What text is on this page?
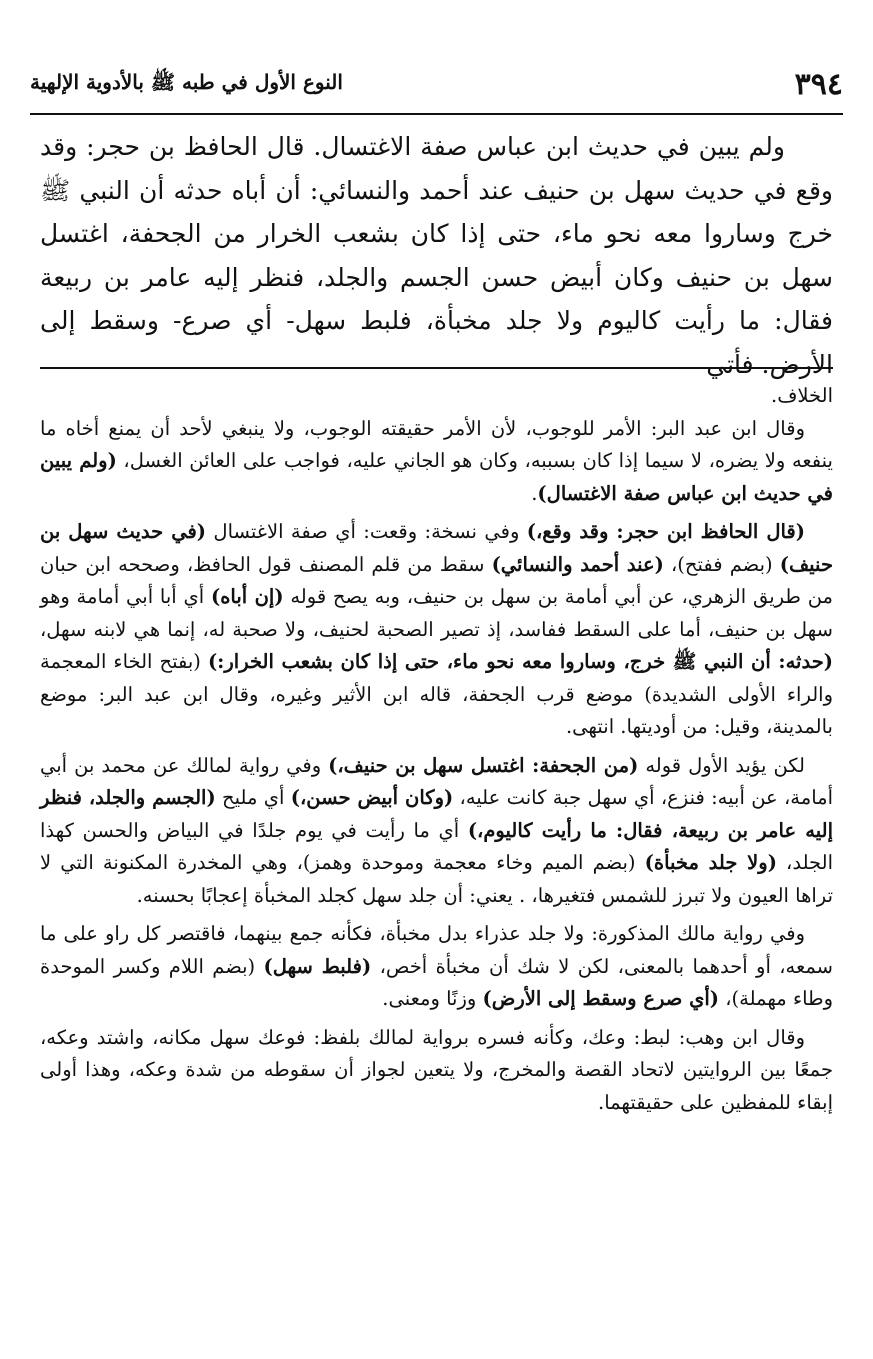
٣٩٤
النوع الأول في طبه ﷺ بالأدوية الإلهية

ولم يبين في حديث ابن عباس صفة الاغتسال. قال الحافظ بن حجر: وقد وقع في حديث سهل بن حنيف عند أحمد والنسائي: أن أباه حدثه أن النبي ﷺ خرج وساروا معه نحو ماء، حتى إذا كان بشعب الخرار من الجحفة، اغتسل سهل بن حنيف وكان أبيض حسن الجسم والجلد، فنظر إليه عامر بن ربيعة فقال: ما رأيت كاليوم ولا جلد مخبأة، فلبط سهل- أي صرع- وسقط إلى الأرض. فأتي

الخلاف.

وقال ابن عبد البر: الأمر للوجوب، لأن الأمر حقيقته الوجوب، ولا ينبغي لأحد أن يمنع أخاه ما ينفعه ولا يضره، لا سيما إذا كان بسببه، وكان هو الجاني عليه، فواجب على العائن الغسل، (ولم يبين في حديث ابن عباس صفة الاغتسال).

(قال الحافظ ابن حجر: وقد وقع،) وفي نسخة: وقعت: أي صفة الاغتسال (في حديث سهل بن حنيف) (بضم ففتح)، (عند أحمد والنسائي) سقط من قلم المصنف قول الحافظ، وصححه ابن حبان من طريق الزهري، عن أبي أمامة بن سهل بن حنيف، وبه يصح قوله (إن أباه) أي أبا أبي أمامة وهو سهل بن حنيف، أما على السقط ففاسد، إذ تصير الصحبة لحنيف، ولا صحبة له، إنما هي لابنه سهل، (حدثه: أن النبي ﷺ خرج، وساروا معه نحو ماء، حتى إذا كان بشعب الخرار:) (بفتح الخاء المعجمة والراء الأولى الشديدة) موضع قرب الجحفة، قاله ابن الأثير وغيره، وقال ابن عبد البر: موضع بالمدينة، وقيل: من أوديتها. انتهى.

لكن يؤيد الأول قوله (من الجحفة: اغتسل سهل بن حنيف،) وفي رواية لمالك عن محمد بن أبي أمامة، عن أبيه: فنزع، أي سهل جبة كانت عليه، (وكان أبيض حسن،) أي مليح (الجسم والجلد، فنظر إليه عامر بن ربيعة، فقال: ما رأيت كاليوم،) أي ما رأيت في يوم جلدًا في البياض والحسن كهذا الجلد، (ولا جلد مخبأة) (بضم الميم وخاء معجمة وموحدة وهمز)، وهي المخدرة المكنونة التي لا تراها العيون ولا تبرز للشمس فتغيرها، . يعني: أن جلد سهل كجلد المخبأة إعجابًا بحسنه.

وفي رواية مالك المذكورة: ولا جلد عذراء بدل مخبأة، فكأنه جمع بينهما، فاقتصر كل راو على ما سمعه، أو أحدهما بالمعنى، لكن لا شك أن مخبأة أخص، (فلبط سهل) (بضم اللام وكسر الموحدة وطاء مهملة)، (أي صرع وسقط إلى الأرض) وزنًا ومعنى.

وقال ابن وهب: لبط: وعك، وكأنه فسره برواية لمالك بلفظ: فوعك سهل مكانه، واشتد وعكه، جمعًا بين الروايتين لاتحاد القصة والمخرج، ولا يتعين لجواز أن سقوطه من شدة وعكه، وهذا أولى إبقاء للمفظين على حقيقتهما.
